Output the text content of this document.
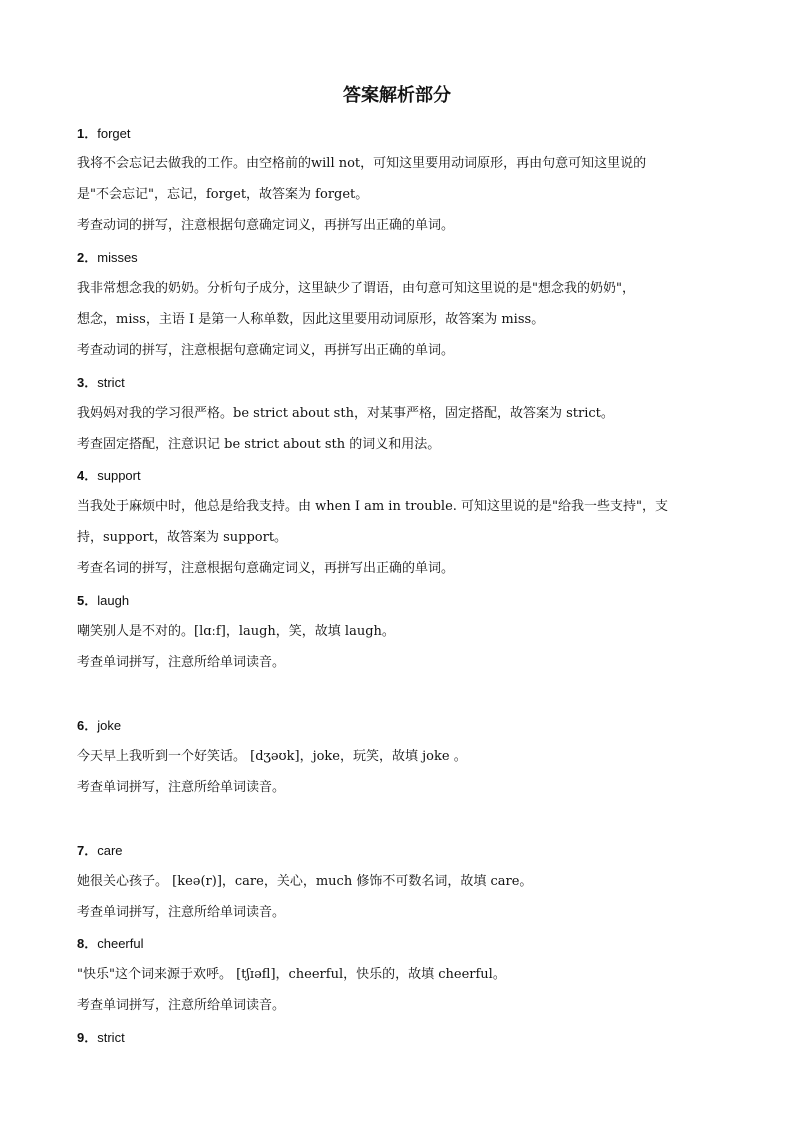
答案解析部分
1．forget
我将不会忘记去做我的工作。由空格前的will not，可知这里要用动词原形，再由句意可知这里说的
是"不会忘记"，忘记，forget，故答案为 forget。
考查动词的拼写，注意根据句意确定词义，再拼写出正确的单词。
2．misses
我非常想念我的奶奶。分析句子成分，这里缺少了谓语，由句意可知这里说的是"想念我的奶奶"，
想念，miss，主语 I 是第一人称单数，因此这里要用动词原形，故答案为 miss。
考查动词的拼写，注意根据句意确定词义，再拼写出正确的单词。
3．strict
我妈妈对我的学习很严格。be strict about sth，对某事严格，固定搭配，故答案为 strict。
考查固定搭配，注意识记 be strict about sth 的词义和用法。
4．support
当我处于麻烦中时，他总是给我支持。由 when I am in trouble. 可知这里说的是"给我一些支持"，支
持，support，故答案为 support。
考查名词的拼写，注意根据句意确定词义，再拼写出正确的单词。
5．laugh
嘲笑别人是不对的。[lɑːf]，laugh，笑，故填 laugh。
考查单词拼写，注意所给单词读音。
6．joke
今天早上我听到一个好笑话。 [dʒəʊk]，joke，玩笑，故填 joke 。
考查单词拼写，注意所给单词读音。
7．care
她很关心孩子。 [keə(r)]，care，关心，much 修饰不可数名词，故填 care。
考查单词拼写，注意所给单词读音。
8．cheerful
"快乐"这个词来源于欢呼。 [tʃɪəfl]，cheerful，快乐的，故填 cheerful。
考查单词拼写，注意所给单词读音。
9．strict
